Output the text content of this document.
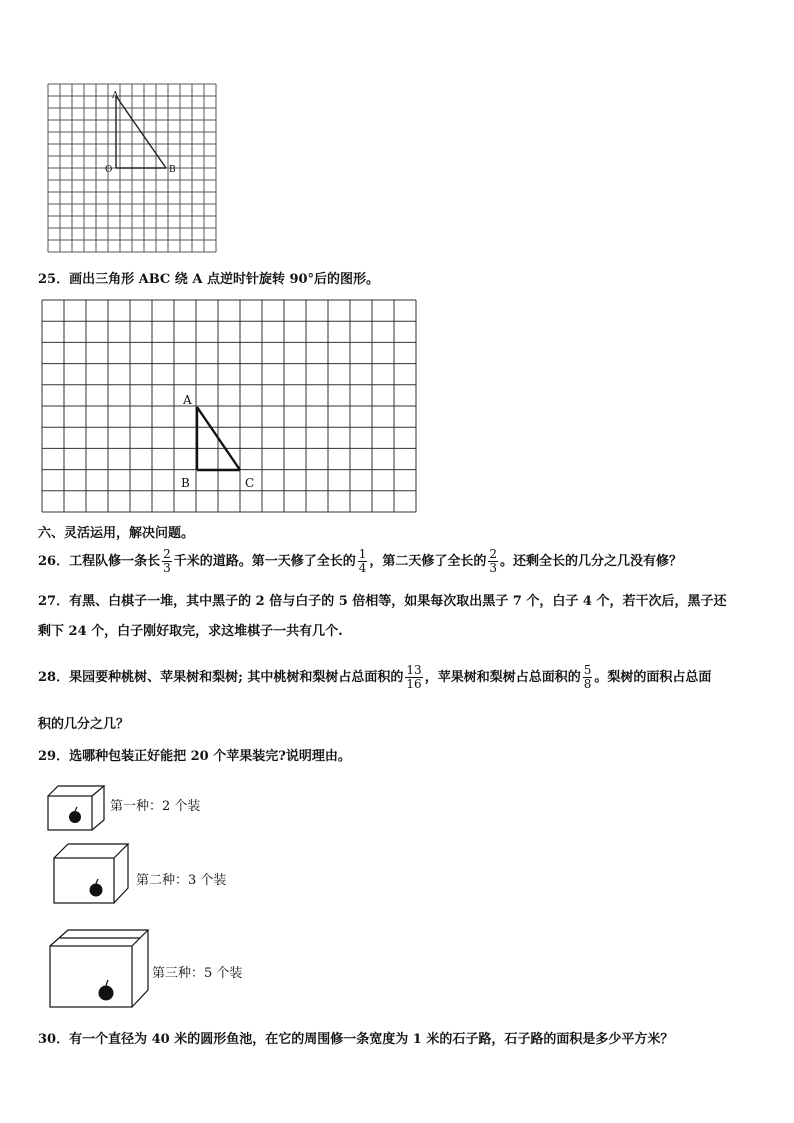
A
O	B
25．画出三角形 ABC 绕 A 点逆时针旋转 90°后的图形。
A
B	C
六、灵活运用，解决问题。
26．工程队修一条长 $\frac{2}{3}$ 千米的道路。第一天修了全长的 $\frac{1}{4}$ ，第二天修了全长的 $\frac{2}{3}$ 。还剩全长的几分之几没有修？
27．有黑、白棋子一堆，其中黑子的 2 倍与白子的 5 倍相等，如果每次取出黑子 7 个，白子 4 个，若干次后，黑子还
剩下 24 个，白子刚好取完，求这堆棋子一共有几个.
28．果园要种桃树、苹果树和梨树; 其中桃树和梨树占总面积的 $\frac{13}{16}$ ，苹果树和梨树占总面积的 $\frac{5}{8}$ 。梨树的面积占总面
积的几分之几？
29．选哪种包装正好能把 20 个苹果装完?说明理由。
第一种：2 个装
第二种：3 个装
第三种：5 个装
30．有一个直径为 40 米的圆形鱼池，在它的周围修一条宽度为 1 米的石子路，石子路的面积是多少平方米？
